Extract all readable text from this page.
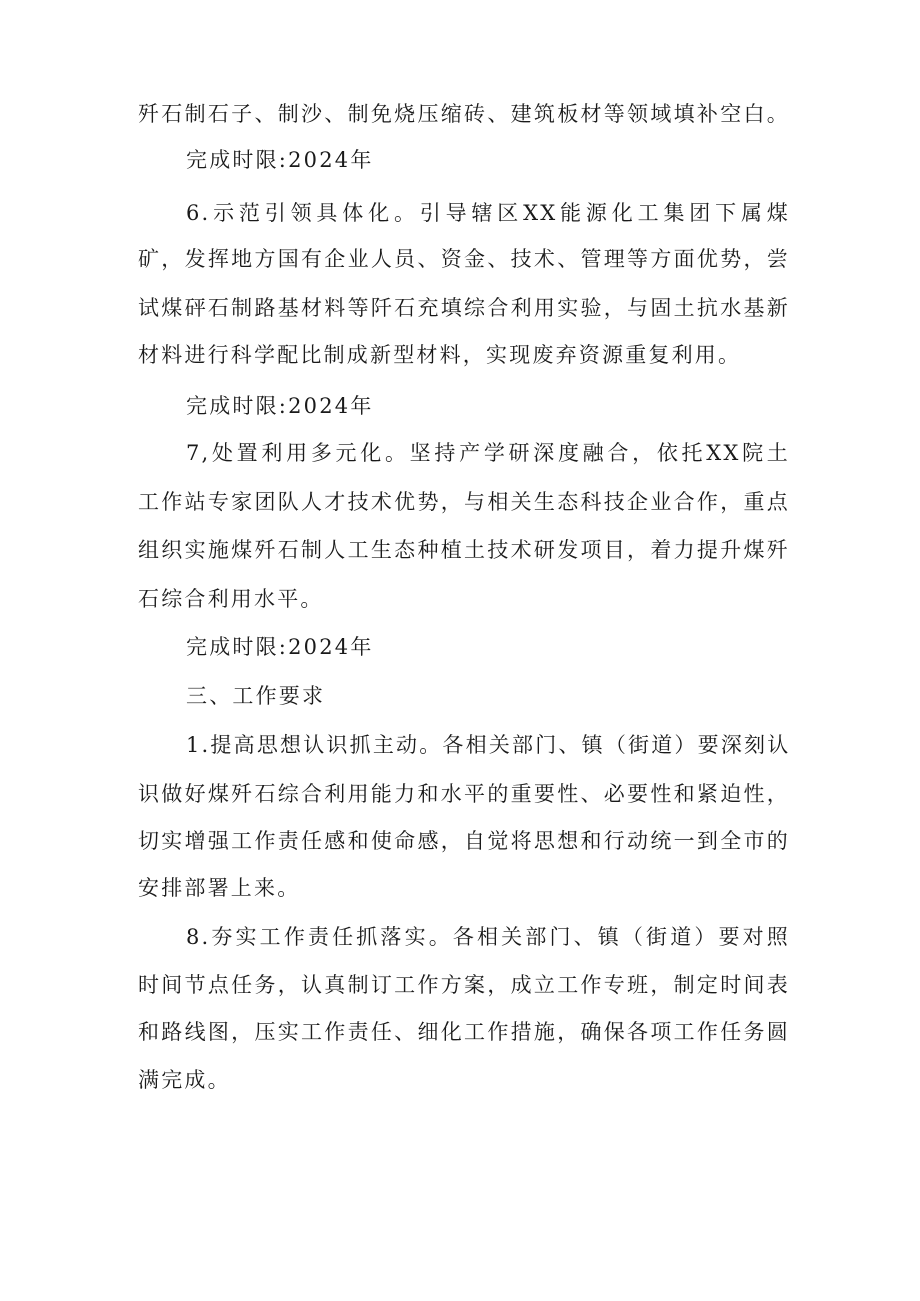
歼石制石子、制沙、制免烧压缩砖、建筑板材等领域填补空白。
完成时限:2024年
6.示范引领具体化。引导辖区XX能源化工集团下属煤
矿，发挥地方国有企业人员、资金、技术、管理等方面优势，尝
试煤砰石制路基材料等阡石充填综合利用实验，与固土抗水基新
材料进行科学配比制成新型材料，实现废弃资源重复利用。
完成时限:2024年
7,处置利用多元化。坚持产学研深度融合，依托XX院土
工作站专家团队人才技术优势，与相关生态科技企业合作，重点
组织实施煤歼石制人工生态种植土技术研发项目，着力提升煤歼
石综合利用水平。
完成时限:2024年
三、工作要求
1.提高思想认识抓主动。各相关部门、镇（街道）要深刻认
识做好煤歼石综合利用能力和水平的重要性、必要性和紧迫性，
切实增强工作责任感和使命感，自觉将思想和行动统一到全市的
安排部署上来。
8.夯实工作责任抓落实。各相关部门、镇（街道）要对照
时间节点任务，认真制订工作方案，成立工作专班，制定时间表
和路线图，压实工作责任、细化工作措施，确保各项工作任务圆
满完成。
